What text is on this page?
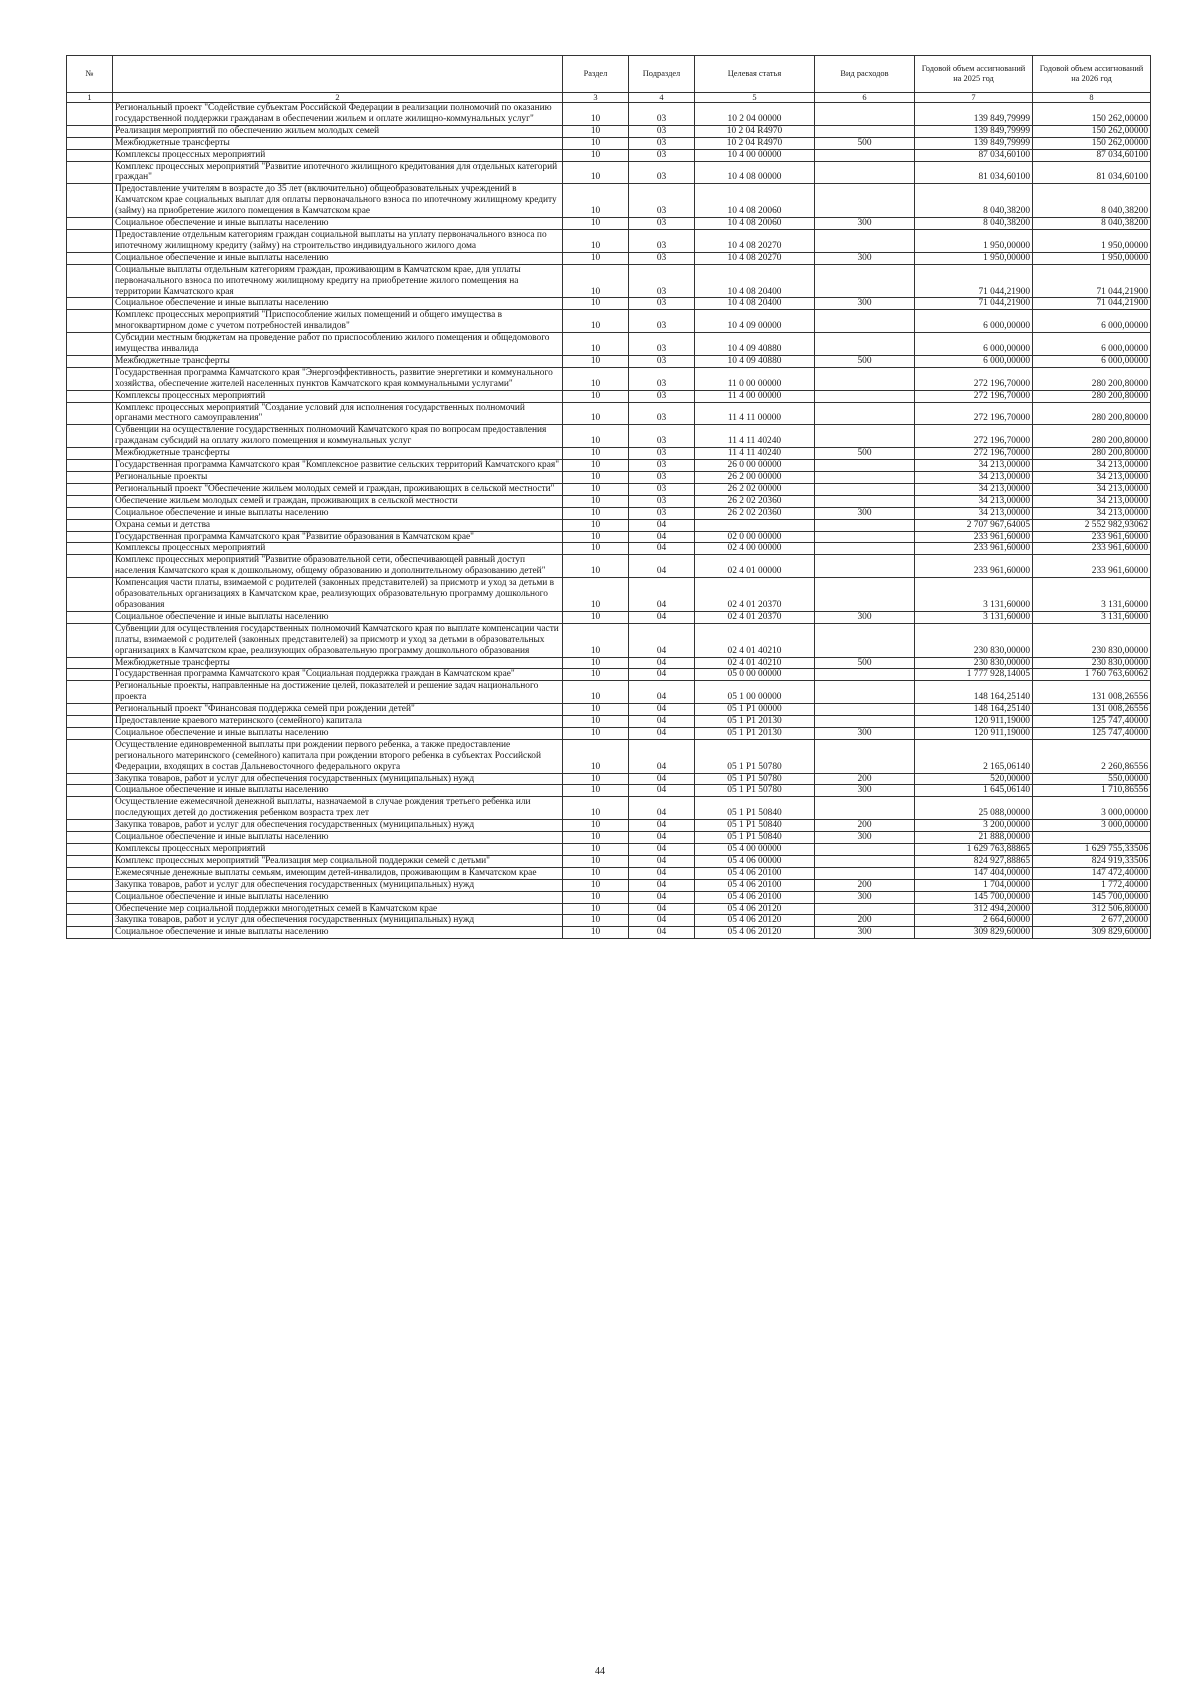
№		Раздел	Подраздел	Целевая статья	Вид расходов	Годовой объем ассигнований на 2025 год	Годовой объем ассигнований на 2026 год
1	2	3	4	5	6	7	8
	Региональный проект "Содействие субъектам Российской Федерации в реализации полномочий по оказанию государственной поддержки гражданам в обеспечении жильем и оплате жилищно-коммунальных услуг"	10	03	10 2 04 00000		139 849,79999	150 262,00000
	Реализация мероприятий по обеспечению жильем молодых семей	10	03	10 2 04 R4970		139 849,79999	150 262,00000
	Межбюджетные трансферты	10	03	10 2 04 R4970	500	139 849,79999	150 262,00000
	Комплексы процессных мероприятий	10	03	10 4 00 00000		87 034,60100	87 034,60100
	Комплекс процессных мероприятий "Развитие ипотечного жилищного кредитования для отдельных категорий граждан"	10	03	10 4 08 00000		81 034,60100	81 034,60100
	Предоставление учителям в возрасте до 35 лет (включительно) общеобразовательных учреждений в Камчатском крае социальных выплат для оплаты первоначального взноса по ипотечному жилищному кредиту (займу) на приобретение жилого помещения в Камчатском крае	10	03	10 4 08 20060		8 040,38200	8 040,38200
	Социальное обеспечение и иные выплаты населению	10	03	10 4 08 20060	300	8 040,38200	8 040,38200
	Предоставление отдельным категориям граждан социальной выплаты на уплату первоначального взноса по ипотечному жилищному кредиту (займу) на строительство индивидуального жилого дома	10	03	10 4 08 20270		1 950,00000	1 950,00000
	Социальное обеспечение и иные выплаты населению	10	03	10 4 08 20270	300	1 950,00000	1 950,00000
	Социальные выплаты отдельным категориям граждан, проживающим в Камчатском крае, для уплаты первоначального взноса по ипотечному жилищному кредиту на приобретение жилого помещения на территории Камчатского края	10	03	10 4 08 20400		71 044,21900	71 044,21900
	Социальное обеспечение и иные выплаты населению	10	03	10 4 08 20400	300	71 044,21900	71 044,21900
	Комплекс процессных мероприятий "Приспособление жилых помещений и общего имущества в многоквартирном доме с учетом потребностей инвалидов"	10	03	10 4 09 00000		6 000,00000	6 000,00000
	Субсидии местным бюджетам на проведение работ по приспособлению жилого помещения и общедомового имущества инвалида	10	03	10 4 09 40880		6 000,00000	6 000,00000
	Межбюджетные трансферты	10	03	10 4 09 40880	500	6 000,00000	6 000,00000
	Государственная программа Камчатского края "Энергоэффективность, развитие энергетики и коммунального хозяйства, обеспечение жителей населенных пунктов Камчатского края коммунальными услугами"	10	03	11 0 00 00000		272 196,70000	280 200,80000
	Комплексы процессных мероприятий	10	03	11 4 00 00000		272 196,70000	280 200,80000
	Комплекс процессных мероприятий "Создание условий для исполнения государственных полномочий органами местного самоуправления"	10	03	11 4 11 00000		272 196,70000	280 200,80000
	Субвенции на осуществление государственных полномочий Камчатского края по вопросам предоставления гражданам субсидий на оплату жилого помещения и коммунальных услуг	10	03	11 4 11 40240		272 196,70000	280 200,80000
	Межбюджетные трансферты	10	03	11 4 11 40240	500	272 196,70000	280 200,80000
	Государственная программа Камчатского края "Комплексное развитие сельских территорий Камчатского края"	10	03	26 0 00 00000		34 213,00000	34 213,00000
	Региональные проекты	10	03	26 2 00 00000		34 213,00000	34 213,00000
	Региональный проект "Обеспечение жильем молодых семей и граждан, проживающих в сельской местности"	10	03	26 2 02 00000		34 213,00000	34 213,00000
	Обеспечение жильем молодых семей и граждан, проживающих в сельской местности	10	03	26 2 02 20360		34 213,00000	34 213,00000
	Социальное обеспечение и иные выплаты населению	10	03	26 2 02 20360	300	34 213,00000	34 213,00000
	Охрана семьи и детства	10	04			2 707 967,64005	2 552 982,93062
	Государственная программа Камчатского края "Развитие образования в Камчатском крае"	10	04	02 0 00 00000		233 961,60000	233 961,60000
	Комплексы процессных мероприятий	10	04	02 4 00 00000		233 961,60000	233 961,60000
	Комплекс процессных мероприятий "Развитие образовательной сети, обеспечивающей равный доступ населения Камчатского края к дошкольному, общему образованию и дополнительному образованию детей"	10	04	02 4 01 00000		233 961,60000	233 961,60000
	Компенсация части платы, взимаемой с родителей (законных представителей) за присмотр и уход за детьми в образовательных организациях в Камчатском крае, реализующих образовательную программу дошкольного образования	10	04	02 4 01 20370		3 131,60000	3 131,60000
	Социальное обеспечение и иные выплаты населению	10	04	02 4 01 20370	300	3 131,60000	3 131,60000
	Субвенции для осуществления государственных полномочий Камчатского края по выплате компенсации части платы, взимаемой с родителей (законных представителей) за присмотр и уход за детьми в образовательных организациях в Камчатском крае, реализующих образовательную программу дошкольного образования	10	04	02 4 01 40210		230 830,00000	230 830,00000
	Межбюджетные трансферты	10	04	02 4 01 40210	500	230 830,00000	230 830,00000
	Государственная программа Камчатского края "Социальная поддержка граждан в Камчатском крае"	10	04	05 0 00 00000		1 777 928,14005	1 760 763,60062
	Региональные проекты, направленные на достижение целей, показателей и решение задач национального проекта	10	04	05 1 00 00000		148 164,25140	131 008,26556
	Региональный проект "Финансовая поддержка семей при рождении детей"	10	04	05 1 P1 00000		148 164,25140	131 008,26556
	Предоставление краевого материнского (семейного) капитала	10	04	05 1 P1 20130		120 911,19000	125 747,40000
	Социальное обеспечение и иные выплаты населению	10	04	05 1 P1 20130	300	120 911,19000	125 747,40000
	Осуществление единовременной выплаты при рождении первого ребенка, а также предоставление регионального материнского (семейного) капитала при рождении второго ребенка в субъектах Российской Федерации, входящих в состав Дальневосточного федерального округа	10	04	05 1 P1 50780		2 165,06140	2 260,86556
	Закупка товаров, работ и услуг для обеспечения государственных (муниципальных) нужд	10	04	05 1 P1 50780	200	520,00000	550,00000
	Социальное обеспечение и иные выплаты населению	10	04	05 1 P1 50780	300	1 645,06140	1 710,86556
	Осуществление ежемесячной денежной выплаты, назначаемой в случае рождения третьего ребенка или последующих детей до достижения ребенком возраста трех лет	10	04	05 1 P1 50840		25 088,00000	3 000,00000
	Закупка товаров, работ и услуг для обеспечения государственных (муниципальных) нужд	10	04	05 1 P1 50840	200	3 200,00000	3 000,00000
	Социальное обеспечение и иные выплаты населению	10	04	05 1 P1 50840	300	21 888,00000	
	Комплексы процессных мероприятий	10	04	05 4 00 00000		1 629 763,88865	1 629 755,33506
	Комплекс процессных мероприятий "Реализация мер социальной поддержки семей с детьми"	10	04	05 4 06 00000		824 927,88865	824 919,33506
	Ежемесячные денежные выплаты семьям, имеющим детей-инвалидов, проживающим в Камчатском крае	10	04	05 4 06 20100		147 404,00000	147 472,40000
	Закупка товаров, работ и услуг для обеспечения государственных (муниципальных) нужд	10	04	05 4 06 20100	200	1 704,00000	1 772,40000
	Социальное обеспечение и иные выплаты населению	10	04	05 4 06 20100	300	145 700,00000	145 700,00000
	Обеспечение мер социальной поддержки многодетных семей в Камчатском крае	10	04	05 4 06 20120		312 494,20000	312 506,80000
	Закупка товаров, работ и услуг для обеспечения государственных (муниципальных) нужд	10	04	05 4 06 20120	200	2 664,60000	2 677,20000
	Социальное обеспечение и иные выплаты населению	10	04	05 4 06 20120	300	309 829,60000	309 829,60000
44
